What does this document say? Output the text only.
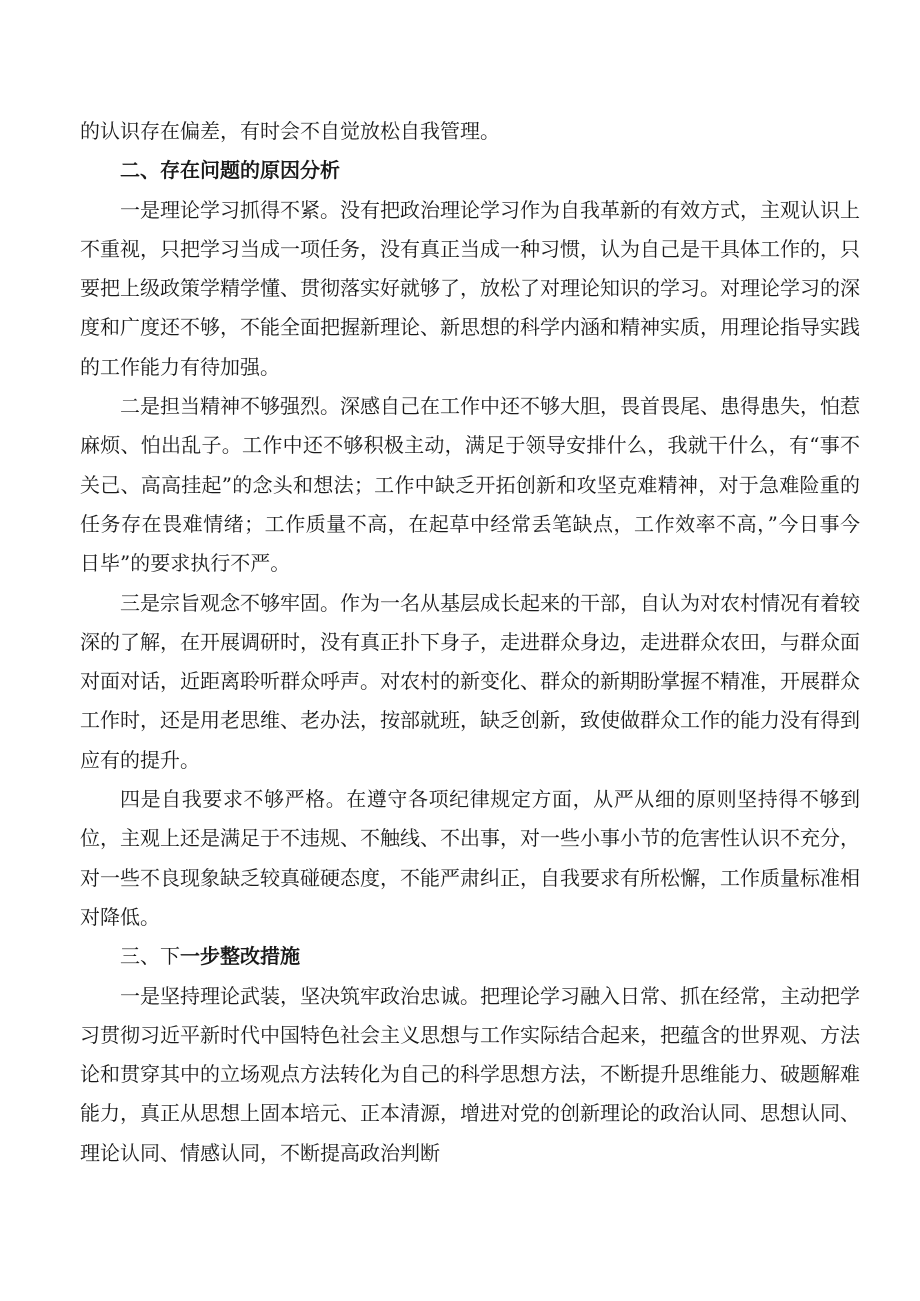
的认识存在偏差，有时会不自觉放松自我管理。

二、存在问题的原因分析

一是理论学习抓得不紧。没有把政治理论学习作为自我革新的有效方式，主观认识上不重视，只把学习当成一项任务，没有真正当成一种习惯，认为自己是干具体工作的，只要把上级政策学精学懂、贯彻落实好就够了，放松了对理论知识的学习。对理论学习的深度和广度还不够，不能全面把握新理论、新思想的科学内涵和精神实质，用理论指导实践的工作能力有待加强。

二是担当精神不够强烈。深感自己在工作中还不够大胆，畏首畏尾、患得患失，怕惹麻烦、怕出乱子。工作中还不够积极主动，满足于领导安排什么，我就干什么，有“事不关己、高高挂起”的念头和想法；工作中缺乏开拓创新和攻坚克难精神，对于急难险重的任务存在畏难情绪；工作质量不高，在起草中经常丢笔缺点，工作效率不高，”今日事今日毕”的要求执行不严。

三是宗旨观念不够牢固。作为一名从基层成长起来的干部，自认为对农村情况有着较深的了解，在开展调研时，没有真正扑下身子，走进群众身边，走进群众农田，与群众面对面对话，近距离聆听群众呼声。对农村的新变化、群众的新期盼掌握不精准，开展群众工作时，还是用老思维、老办法，按部就班，缺乏创新，致使做群众工作的能力没有得到应有的提升。

四是自我要求不够严格。在遵守各项纪律规定方面，从严从细的原则坚持得不够到位，主观上还是满足于不违规、不触线、不出事，对一些小事小节的危害性认识不充分，对一些不良现象缺乏较真碰硬态度，不能严肃纠正，自我要求有所松懈，工作质量标准相对降低。

三、下一步整改措施

一是坚持理论武装，坚决筑牢政治忠诚。把理论学习融入日常、抓在经常，主动把学习贯彻习近平新时代中国特色社会主义思想与工作实际结合起来，把蕴含的世界观、方法论和贯穿其中的立场观点方法转化为自己的科学思想方法，不断提升思维能力、破题解难能力，真正从思想上固本培元、正本清源，增进对党的创新理论的政治认同、思想认同、理论认同、情感认同，不断提高政治判断
